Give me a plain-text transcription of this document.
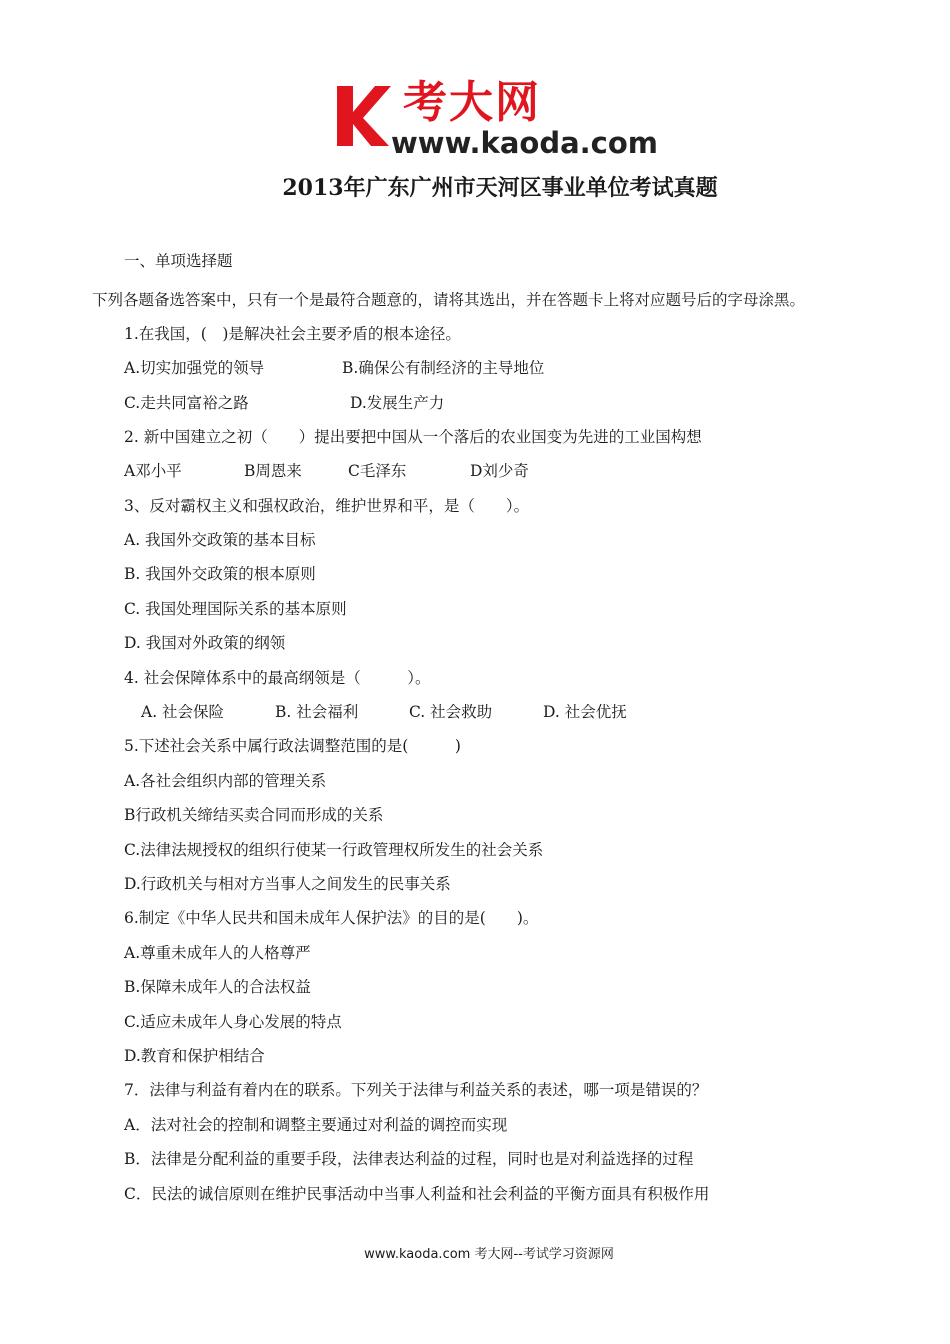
考大网
www.kaoda.com
2013年广东广州市天河区事业单位考试真题
一、单项选择题
下列各题备选答案中，只有一个是最符合题意的，请将其选出，并在答题卡上将对应题号后的字母涂黑。
1.在我国，(　)是解决社会主要矛盾的根本途径。
A.切实加强党的领导	B.确保公有制经济的主导地位
C.走共同富裕之路	D.发展生产力
2. 新中国建立之初（　　）提出要把中国从一个落后的农业国变为先进的工业国构想
A邓小平	B周恩来	C毛泽东	D刘少奇
3、反对霸权主义和强权政治，维护世界和平，是（　　）。
A. 我国外交政策的基本目标
B. 我国外交政策的根本原则
C. 我国处理国际关系的基本原则
D. 我国对外政策的纲领
4. 社会保障体系中的最高纲领是（　　　）。
A. 社会保险	B. 社会福利	C. 社会救助	D. 社会优抚
5.下述社会关系中属行政法调整范围的是(　　　)
A.各社会组织内部的管理关系
B行政机关缔结买卖合同而形成的关系
C.法律法规授权的组织行使某一行政管理权所发生的社会关系
D.行政机关与相对方当事人之间发生的民事关系
6.制定《中华人民共和国未成年人保护法》的目的是(　　)。
A.尊重未成年人的人格尊严
B.保障未成年人的合法权益
C.适应未成年人身心发展的特点
D.教育和保护相结合
7．法律与利益有着内在的联系。下列关于法律与利益关系的表述，哪一项是错误的？
A．法对社会的控制和调整主要通过对利益的调控而实现
B．法律是分配利益的重要手段，法律表达利益的过程，同时也是对利益选择的过程
C．民法的诚信原则在维护民事活动中当事人利益和社会利益的平衡方面具有积极作用
www.kaoda.com 考大网--考试学习资源网
